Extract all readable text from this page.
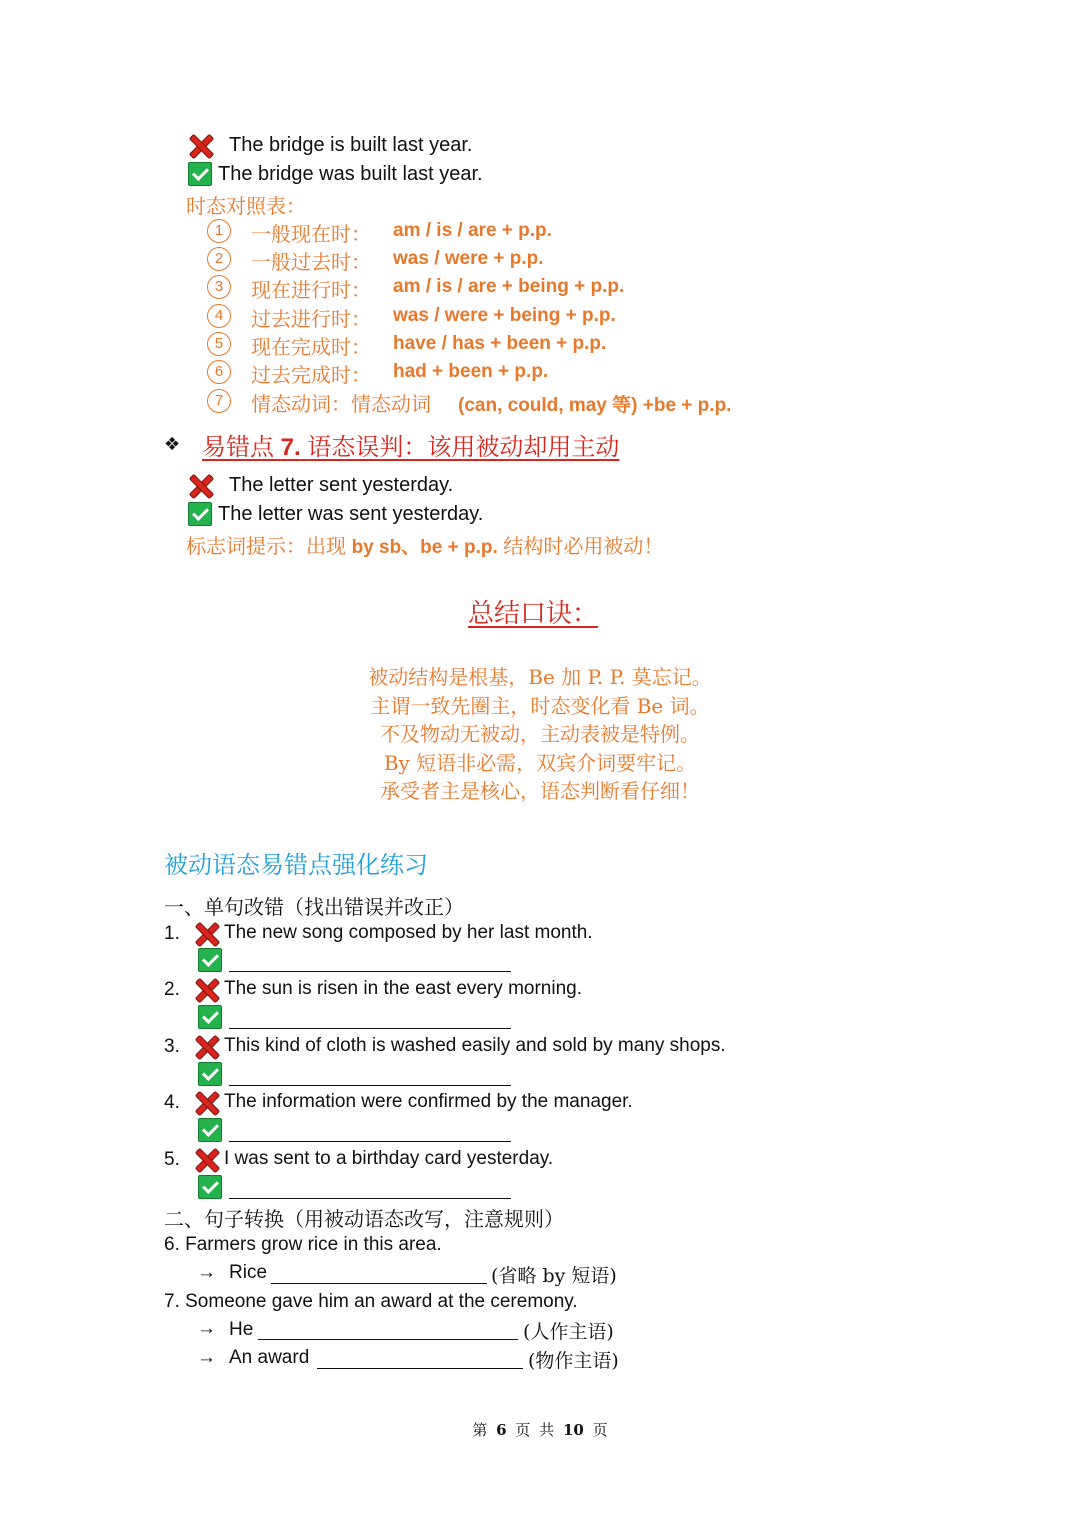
The bridge is built last year.
The bridge was built last year.
时态对照表：
1	一般现在时： am / is / are + p.p.
2	一般过去时： was / were + p.p.
3	现在进行时： am / is / are + being + p.p.
4	过去进行时： was / were + being + p.p.
5	现在完成时： have / has + been + p.p.
6	过去完成时： had + been + p.p.
7	情态动词：情态动词 (can, could, may 等) +be + p.p.
❖ 易错点 7. 语态误判：该用被动却用主动
The letter sent yesterday.
The letter was sent yesterday.
标志词提示：出现 by sb、be + p.p. 结构时必用被动！
总结口诀：
被动结构是根基，Be 加 P. P. 莫忘记。
主谓一致先圈主，时态变化看 Be 词。
不及物动无被动，主动表被是特例。
By 短语非必需，双宾介词要牢记。
承受者主是核心，语态判断看仔细！
被动语态易错点强化练习
一、单句改错（找出错误并改正）
1. The new song composed by her last month.
2. The sun is risen in the east every morning.
3. This kind of cloth is washed easily and sold by many shops.
4. The information were confirmed by the manager.
5. I was sent to a birthday card yesterday.
二、句子转换（用被动语态改写，注意规则）
6. Farmers grow rice in this area.
→ Rice	(省略 by 短语)
7. Someone gave him an award at the ceremony.
→ He	(人作主语)
→ An award	(物作主语)
第 6 页 共 10 页
